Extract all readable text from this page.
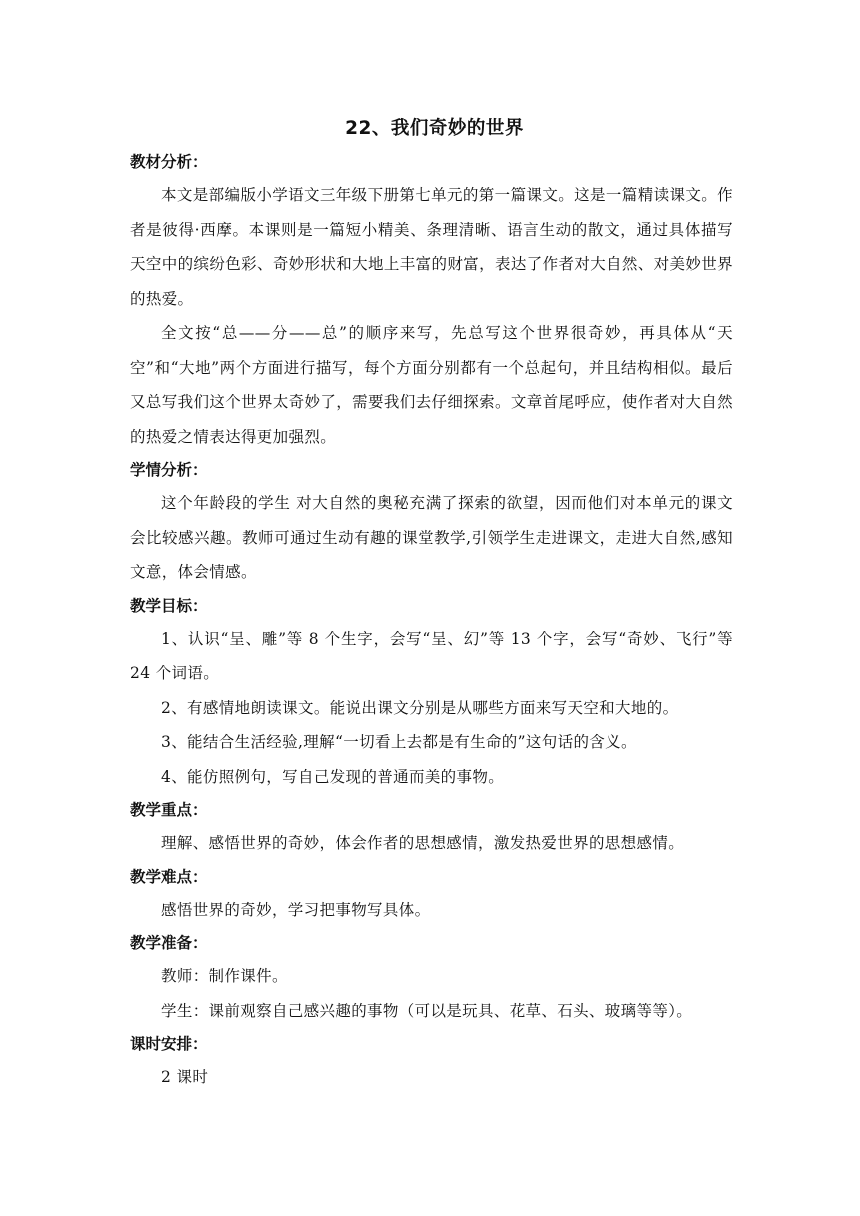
22、我们奇妙的世界
教材分析：

本文是部编版小学语文三年级下册第七单元的第一篇课文。这是一篇精读课文。作者是彼得·西摩。本课则是一篇短小精美、条理清晰、语言生动的散文，通过具体描写天空中的缤纷色彩、奇妙形状和大地上丰富的财富，表达了作者对大自然、对美妙世界的热爱。

全文按“总——分——总”的顺序来写，先总写这个世界很奇妙，再具体从“天空”和“大地”两个方面进行描写，每个方面分别都有一个总起句，并且结构相似。最后又总写我们这个世界太奇妙了，需要我们去仔细探索。文章首尾呼应，使作者对大自然的热爱之情表达得更加强烈。

学情分析：

这个年龄段的学生 对大自然的奥秘充满了探索的欲望，因而他们对本单元的课文会比较感兴趣。教师可通过生动有趣的课堂教学,引领学生走进课文，走进大自然,感知文意，体会情感。

教学目标：

1、认识“呈、雕”等 8 个生字，会写“呈、幻”等 13 个字，会写“奇妙、飞行”等 24 个词语。

2、有感情地朗读课文。能说出课文分别是从哪些方面来写天空和大地的。

3、能结合生活经验,理解“一切看上去都是有生命的”这句话的含义。

4、能仿照例句，写自己发现的普通而美的事物。

教学重点：

理解、感悟世界的奇妙，体会作者的思想感情，激发热爱世界的思想感情。

教学难点：

感悟世界的奇妙，学习把事物写具体。

教学准备：

教师：制作课件。

学生：课前观察自己感兴趣的事物（可以是玩具、花草、石头、玻璃等等）。

课时安排：

2 课时
